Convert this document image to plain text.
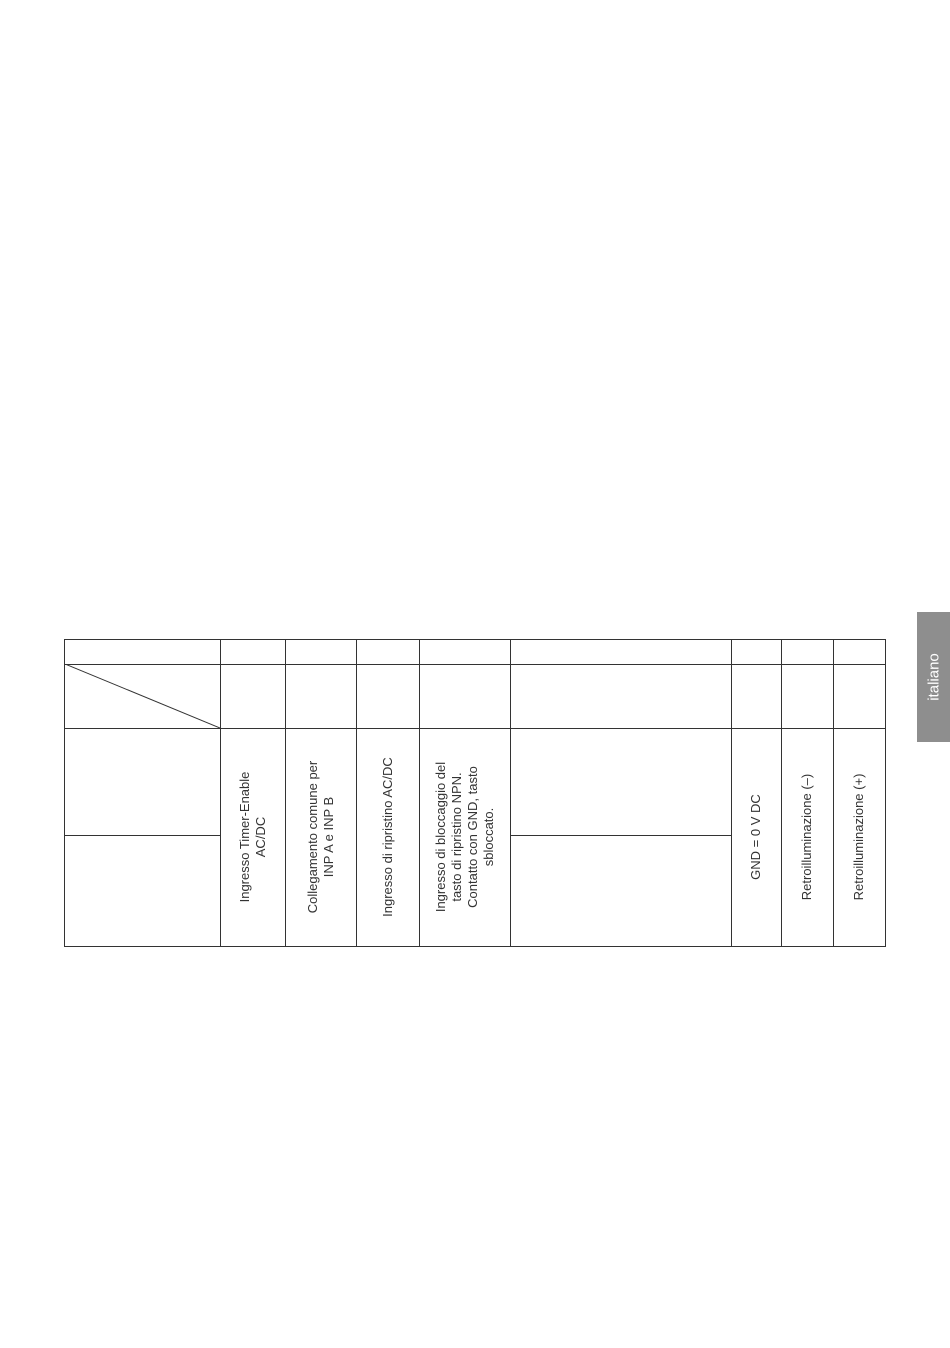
italiano
Ingresso Timer-Enable
AC/DC	Collegamento comune per
INP A e INP B	Ingresso di ripristino AC/DC	Ingresso di bloccaggio del
tasto di ripristino NPN.
Contatto con GND, tasto
sbloccato.	GND = 0 V DC	Retroilluminazione (–)	Retroilluminazione (+)
